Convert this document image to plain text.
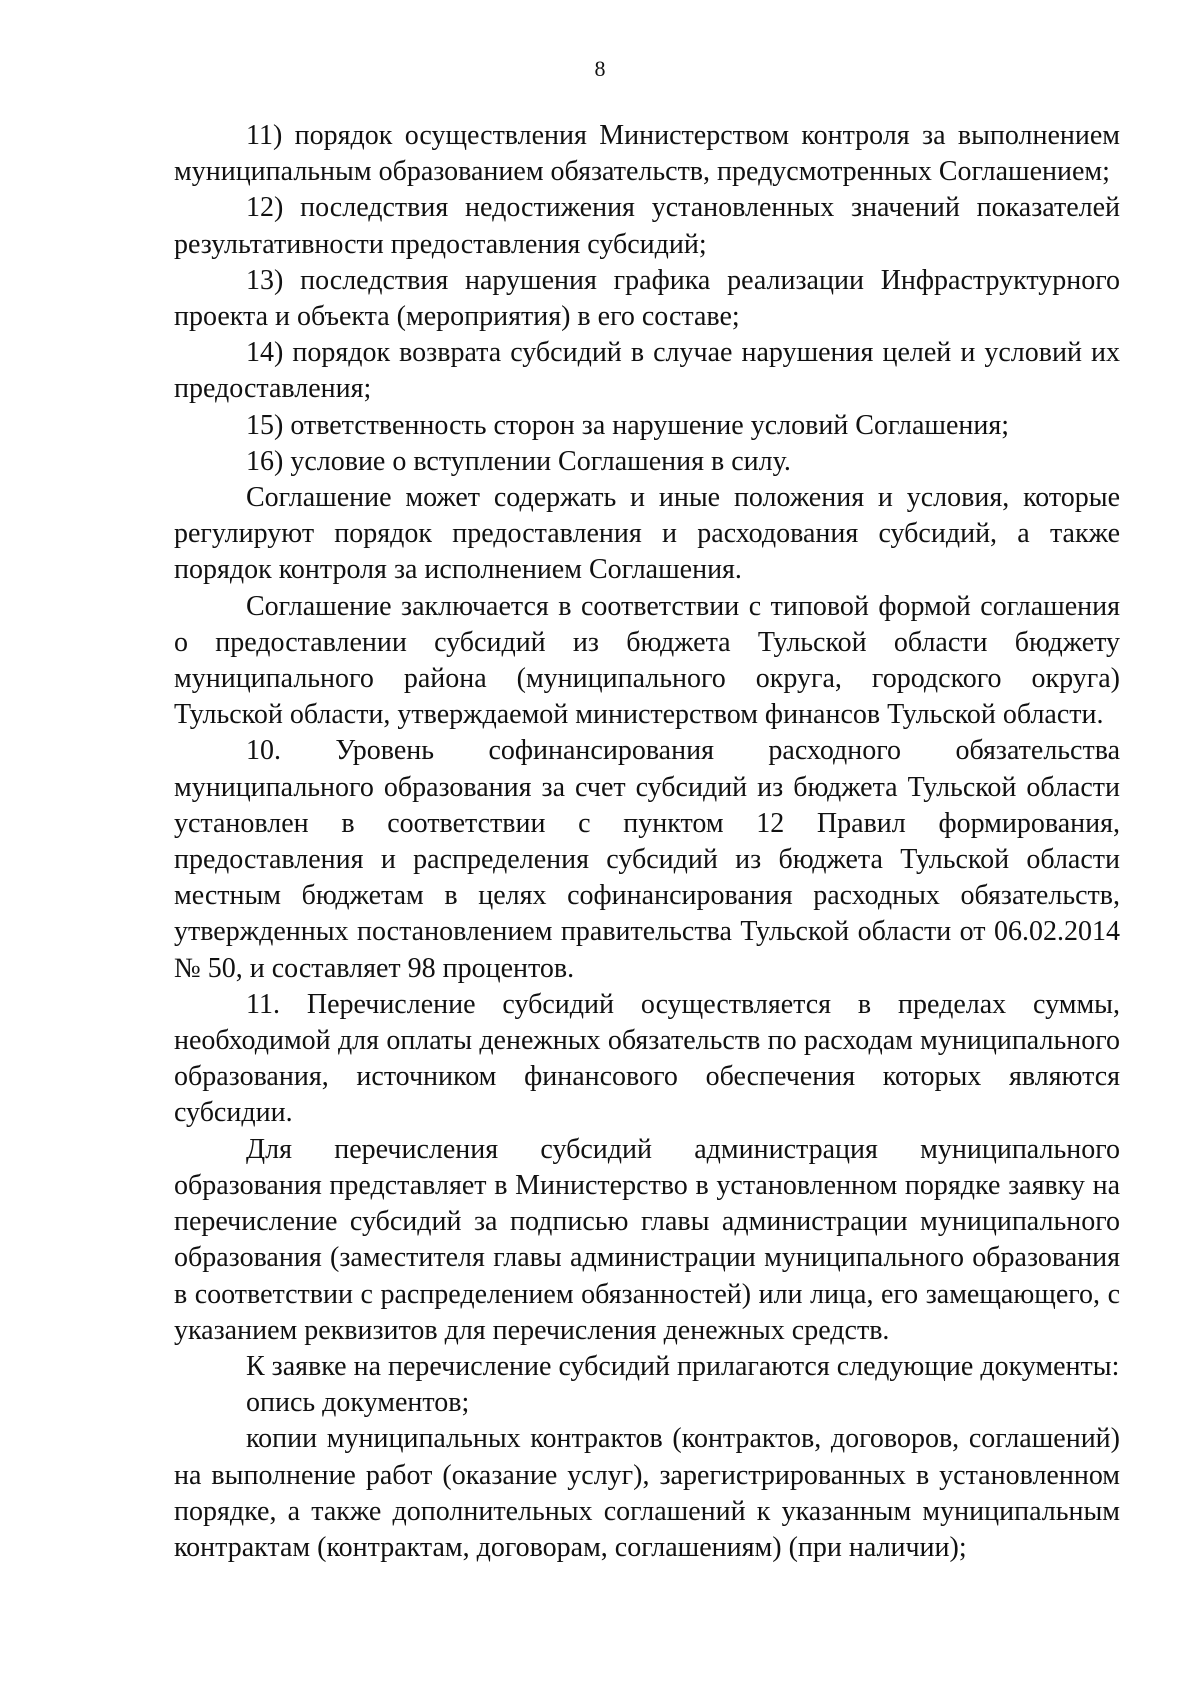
8

11) порядок осуществления Министерством контроля за выполнением муниципальным образованием обязательств, предусмотренных Соглашением;

12) последствия недостижения установленных значений показателей результативности предоставления субсидий;

13) последствия нарушения графика реализации Инфраструктурного проекта и объекта (мероприятия) в его составе;

14) порядок возврата субсидий в случае нарушения целей и условий их предоставления;

15) ответственность сторон за нарушение условий Соглашения;

16) условие о вступлении Соглашения в силу.

Соглашение может содержать и иные положения и условия, которые регулируют порядок предоставления и расходования субсидий, а также порядок контроля за исполнением Соглашения.

Соглашение заключается в соответствии с типовой формой соглашения о предоставлении субсидий из бюджета Тульской области бюджету муниципального района (муниципального округа, городского округа) Тульской области, утверждаемой министерством финансов Тульской области.

10. Уровень софинансирования расходного обязательства муниципального образования за счет субсидий из бюджета Тульской области установлен в соответствии с пунктом 12 Правил формирования, предоставления и распределения субсидий из бюджета Тульской области местным бюджетам в целях софинансирования расходных обязательств, утвержденных постановлением правительства Тульской области от 06.02.2014 № 50, и составляет 98 процентов.

11. Перечисление субсидий осуществляется в пределах суммы, необходимой для оплаты денежных обязательств по расходам муниципального образования, источником финансового обеспечения которых являются субсидии.

Для перечисления субсидий администрация муниципального образования представляет в Министерство в установленном порядке заявку на перечисление субсидий за подписью главы администрации муниципального образования (заместителя главы администрации муниципального образования в соответствии с распределением обязанностей) или лица, его замещающего, с указанием реквизитов для перечисления денежных средств.

К заявке на перечисление субсидий прилагаются следующие документы:

опись документов;

копии муниципальных контрактов (контрактов, договоров, соглашений) на выполнение работ (оказание услуг), зарегистрированных в установленном порядке, а также дополнительных соглашений к указанным муниципальным контрактам (контрактам, договорам, соглашениям) (при наличии);
